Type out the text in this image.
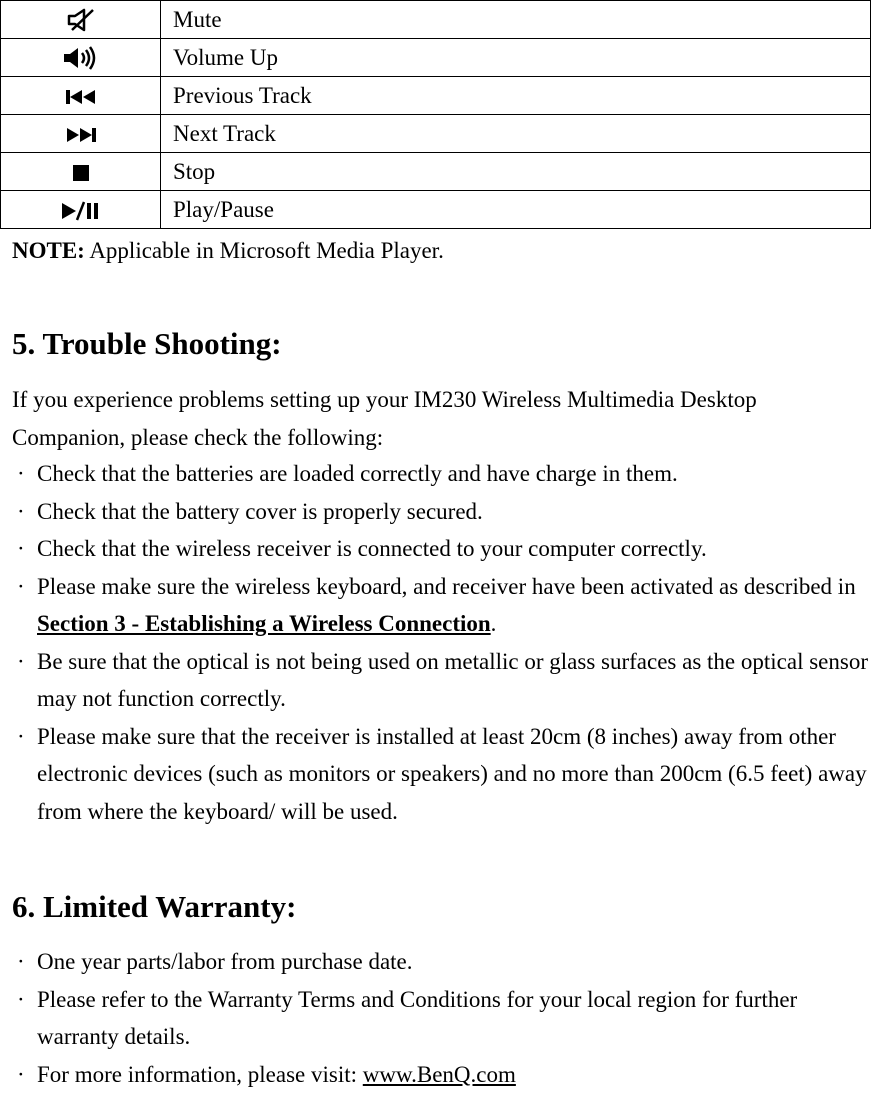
	Mute
	Volume Up
	Previous Track
	Next Track
	Stop
	Play/Pause
NOTE: Applicable in Microsoft Media Player.
5. Trouble Shooting:

If you experience problems setting up your IM230 Wireless Multimedia Desktop Companion, please check the following:

· Check that the batteries are loaded correctly and have charge in them.
· Check that the battery cover is properly secured.
· Check that the wireless receiver is connected to your computer correctly.
· Please make sure the wireless keyboard, and receiver have been activated as described in Section 3 - Establishing a Wireless Connection.
· Be sure that the optical is not being used on metallic or glass surfaces as the optical sensor may not function correctly.
· Please make sure that the receiver is installed at least 20cm (8 inches) away from other electronic devices (such as monitors or speakers) and no more than 200cm (6.5 feet) away from where the keyboard/ will be used.
6. Limited Warranty:
· One year parts/labor from purchase date.
· Please refer to the Warranty Terms and Conditions for your local region for further warranty details.
· For more information, please visit: www.BenQ.com
